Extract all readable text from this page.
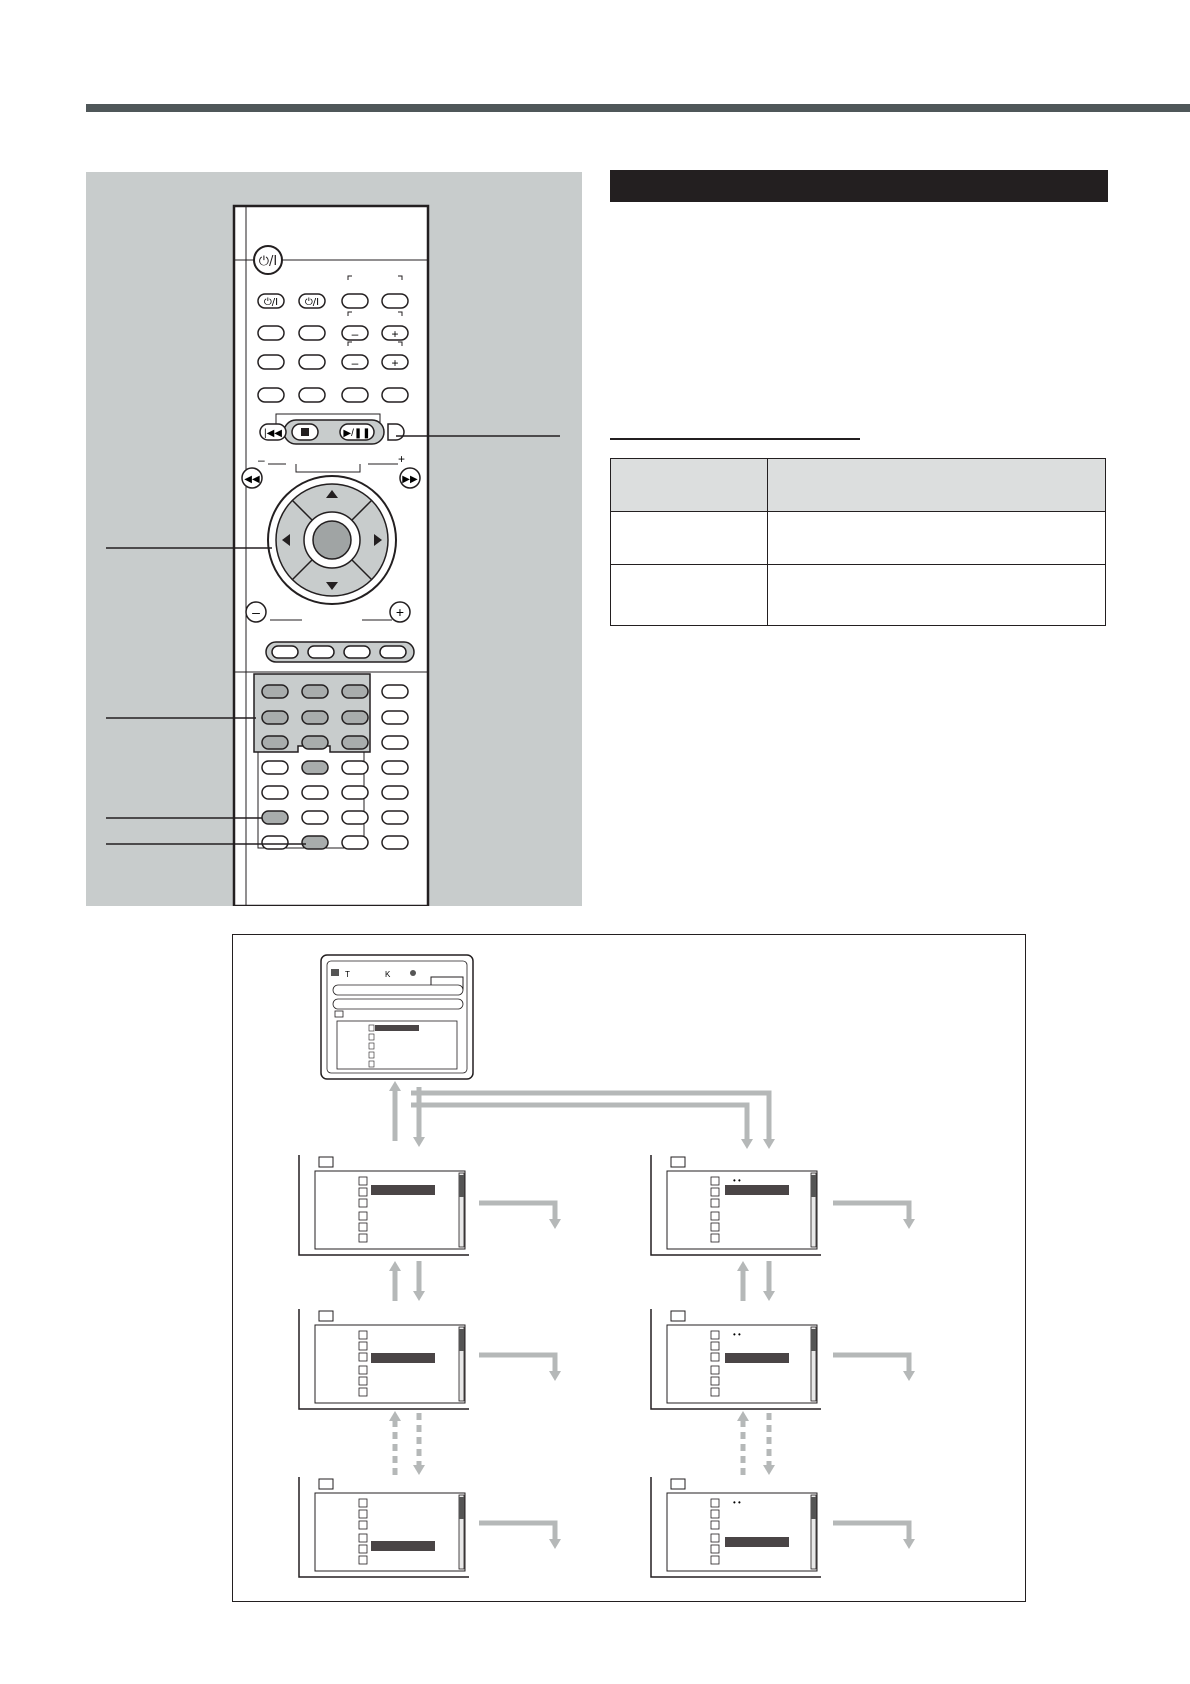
⏻/I
⏻/I	⏻/I
–	+
–	+
–	+
|◀◀	▶/❚❚
◀◀	▶▶
–	+

T	K
• •
• •
• •
